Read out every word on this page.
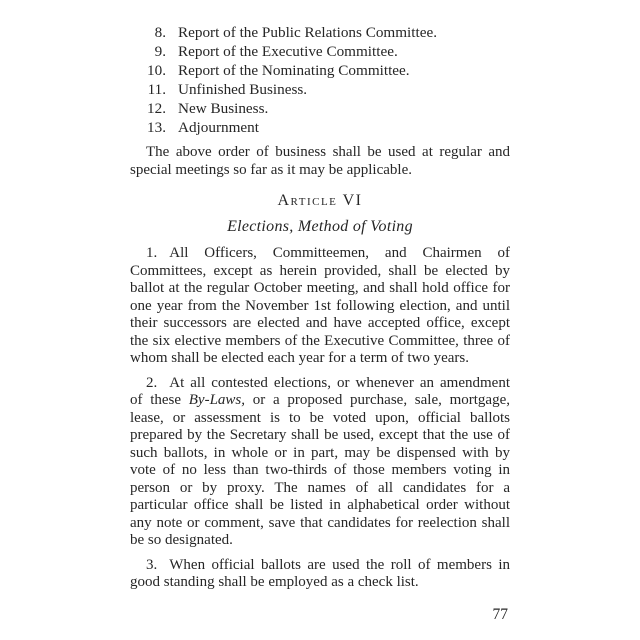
8. Report of the Public Relations Committee.
9. Report of the Executive Committee.
10. Report of the Nominating Committee.
11. Unfinished Business.
12. New Business.
13. Adjournment

The above order of business shall be used at regular and special meetings so far as it may be applicable.

Article VI
Elections, Method of Voting

1. All Officers, Committeemen, and Chairmen of Committees, except as herein provided, shall be elected by ballot at the regular October meeting, and shall hold office for one year from the November 1st following election, and until their successors are elected and have accepted office, except the six elective members of the Executive Committee, three of whom shall be elected each year for a term of two years.

2. At all contested elections, or whenever an amendment of these By-Laws, or a proposed purchase, sale, mortgage, lease, or assessment is to be voted upon, official ballots prepared by the Secretary shall be used, except that the use of such ballots, in whole or in part, may be dispensed with by vote of no less than two-thirds of those members voting in person or by proxy. The names of all candidates for a particular office shall be listed in alphabetical order without any note or comment, save that candidates for reelection shall be so designated.

3. When official ballots are used the roll of members in good standing shall be employed as a check list.

77
